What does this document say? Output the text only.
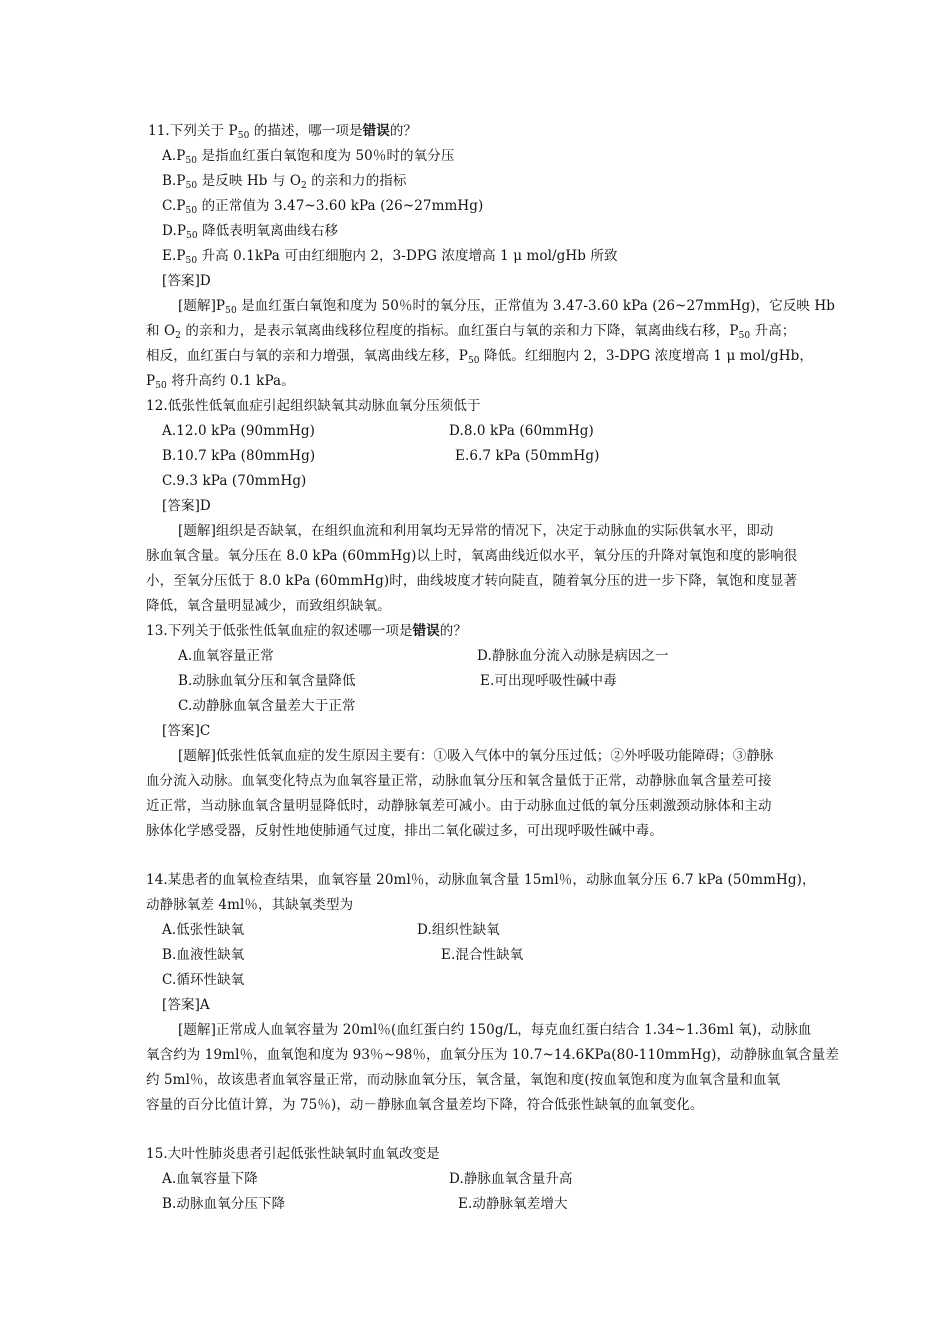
11.下列关于 $P_{50}$ 的描述，哪一项是错误的？
$A.P_{50}$ 是指血红蛋白氧饱和度为 50％时的氧分压
$B.P_{50}$ 是反映 Hb 与 $O_2$ 的亲和力的指标
$C.P_{50}$ 的正常值为 3.47~3.60 kPa (26~27mmHg)
$D.P_{50}$ 降低表明氧离曲线右移
$E.P_{50}$ 升高 0.1kPa 可由红细胞内 2，3-DPG 浓度增高 1 μ mol/gHb 所致
[答案]D
[题解]$P_{50}$ 是血红蛋白氧饱和度为 50％时的氧分压，正常值为 3.47-3.60 kPa (26~27mmHg)，它反映 Hb
和 $O_2$ 的亲和力，是表示氧离曲线移位程度的指标。血红蛋白与氧的亲和力下降，氧离曲线右移，$P_{50}$ 升高；
相反，血红蛋白与氧的亲和力增强，氧离曲线左移，$P_{50}$ 降低。红细胞内 2，3-DPG 浓度增高 1 μ mol/gHb，
$P_{50}$ 将升高约 0.1 kPa。
12.低张性低氧血症引起组织缺氧其动脉血氧分压须低于
A.12.0 kPa (90mmHg)	D.8.0 kPa (60mmHg)
B.10.7 kPa (80mmHg)	E.6.7 kPa (50mmHg)
C.9.3 kPa (70mmHg)
[答案]D
[题解]组织是否缺氧，在组织血流和利用氧均无异常的情况下，决定于动脉血的实际供氧水平，即动
脉血氧含量。氧分压在 8.0 kPa (60mmHg)以上时，氧离曲线近似水平，氧分压的升降对氧饱和度的影响很
小，至氧分压低于 8.0 kPa (60mmHg)时，曲线坡度才转向陡直，随着氧分压的进一步下降，氧饱和度显著
降低，氧含量明显减少，而致组织缺氧。
13.下列关于低张性低氧血症的叙述哪一项是错误的？
A.血氧容量正常	D.静脉血分流入动脉是病因之一
B.动脉血氧分压和氧含量降低	E.可出现呼吸性碱中毒
C.动静脉血氧含量差大于正常
[答案]C
[题解]低张性低氧血症的发生原因主要有：①吸入气体中的氧分压过低；②外呼吸功能障碍；③静脉
血分流入动脉。血氧变化特点为血氧容量正常，动脉血氧分压和氧含量低于正常，动静脉血氧含量差可接
近正常，当动脉血氧含量明显降低时，动静脉氧差可减小。由于动脉血过低的氧分压刺激颈动脉体和主动
脉体化学感受器，反射性地使肺通气过度，排出二氧化碳过多，可出现呼吸性碱中毒。
14.某患者的血氧检查结果，血氧容量 20ml％，动脉血氧含量 15ml％，动脉血氧分压 6.7 kPa (50mmHg)，
动静脉氧差 4ml％，其缺氧类型为
A.低张性缺氧	D.组织性缺氧
B.血液性缺氧	E.混合性缺氧
C.循环性缺氧
[答案]A
[题解]正常成人血氧容量为 20ml％(血红蛋白约 150g/L，每克血红蛋白结合 1.34~1.36ml 氧)，动脉血
氧含约为 19ml％，血氧饱和度为 93％~98％，血氧分压为 10.7~14.6KPa(80-110mmHg)，动静脉血氧含量差
约 5ml％，故该患者血氧容量正常，而动脉血氧分压，氧含量，氧饱和度(按血氧饱和度为血氧含量和血氧
容量的百分比值计算，为 75％)，动－静脉血氧含量差均下降，符合低张性缺氧的血氧变化。
15.大叶性肺炎患者引起低张性缺氧时血氧改变是
A.血氧容量下降	D.静脉血氧含量升高
B.动脉血氧分压下降	E.动静脉氧差增大
